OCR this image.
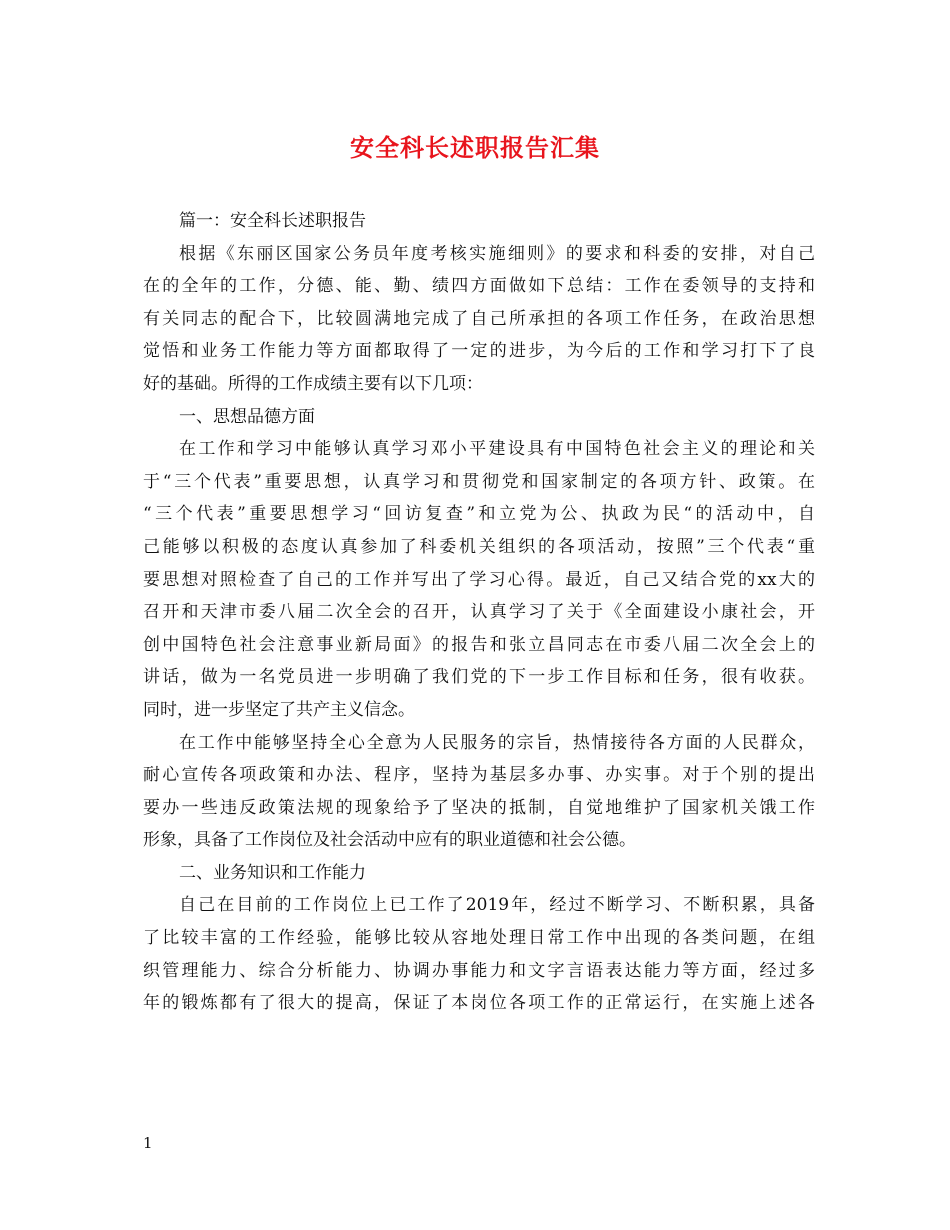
安全科长述职报告汇集
篇一：安全科长述职报告
根据《东丽区国家公务员年度考核实施细则》的要求和科委的安排，对自己
在的全年的工作，分德、能、勤、绩四方面做如下总结：工作在委领导的支持和
有关同志的配合下，比较圆满地完成了自己所承担的各项工作任务，在政治思想
觉悟和业务工作能力等方面都取得了一定的进步，为今后的工作和学习打下了良
好的基础。所得的工作成绩主要有以下几项：
一、思想品德方面
在工作和学习中能够认真学习邓小平建设具有中国特色社会主义的理论和关
于“三个代表”重要思想，认真学习和贯彻党和国家制定的各项方针、政策。在
“三个代表”重要思想学习“回访复查”和立党为公、执政为民“的活动中，自
己能够以积极的态度认真参加了科委机关组织的各项活动，按照”三个代表“重
要思想对照检查了自己的工作并写出了学习心得。最近，自己又结合党的xx大的
召开和天津市委八届二次全会的召开，认真学习了关于《全面建设小康社会，开
创中国特色社会注意事业新局面》的报告和张立昌同志在市委八届二次全会上的
讲话，做为一名党员进一步明确了我们党的下一步工作目标和任务，很有收获。
同时，进一步坚定了共产主义信念。
在工作中能够坚持全心全意为人民服务的宗旨，热情接待各方面的人民群众，
耐心宣传各项政策和办法、程序，坚持为基层多办事、办实事。对于个别的提出
要办一些违反政策法规的现象给予了坚决的抵制，自觉地维护了国家机关饿工作
形象，具备了工作岗位及社会活动中应有的职业道德和社会公德。
二、业务知识和工作能力
自己在目前的工作岗位上已工作了2019年，经过不断学习、不断积累，具备
了比较丰富的工作经验，能够比较从容地处理日常工作中出现的各类问题，在组
织管理能力、综合分析能力、协调办事能力和文字言语表达能力等方面，经过多
年的锻炼都有了很大的提高，保证了本岗位各项工作的正常运行，在实施上述各
1
